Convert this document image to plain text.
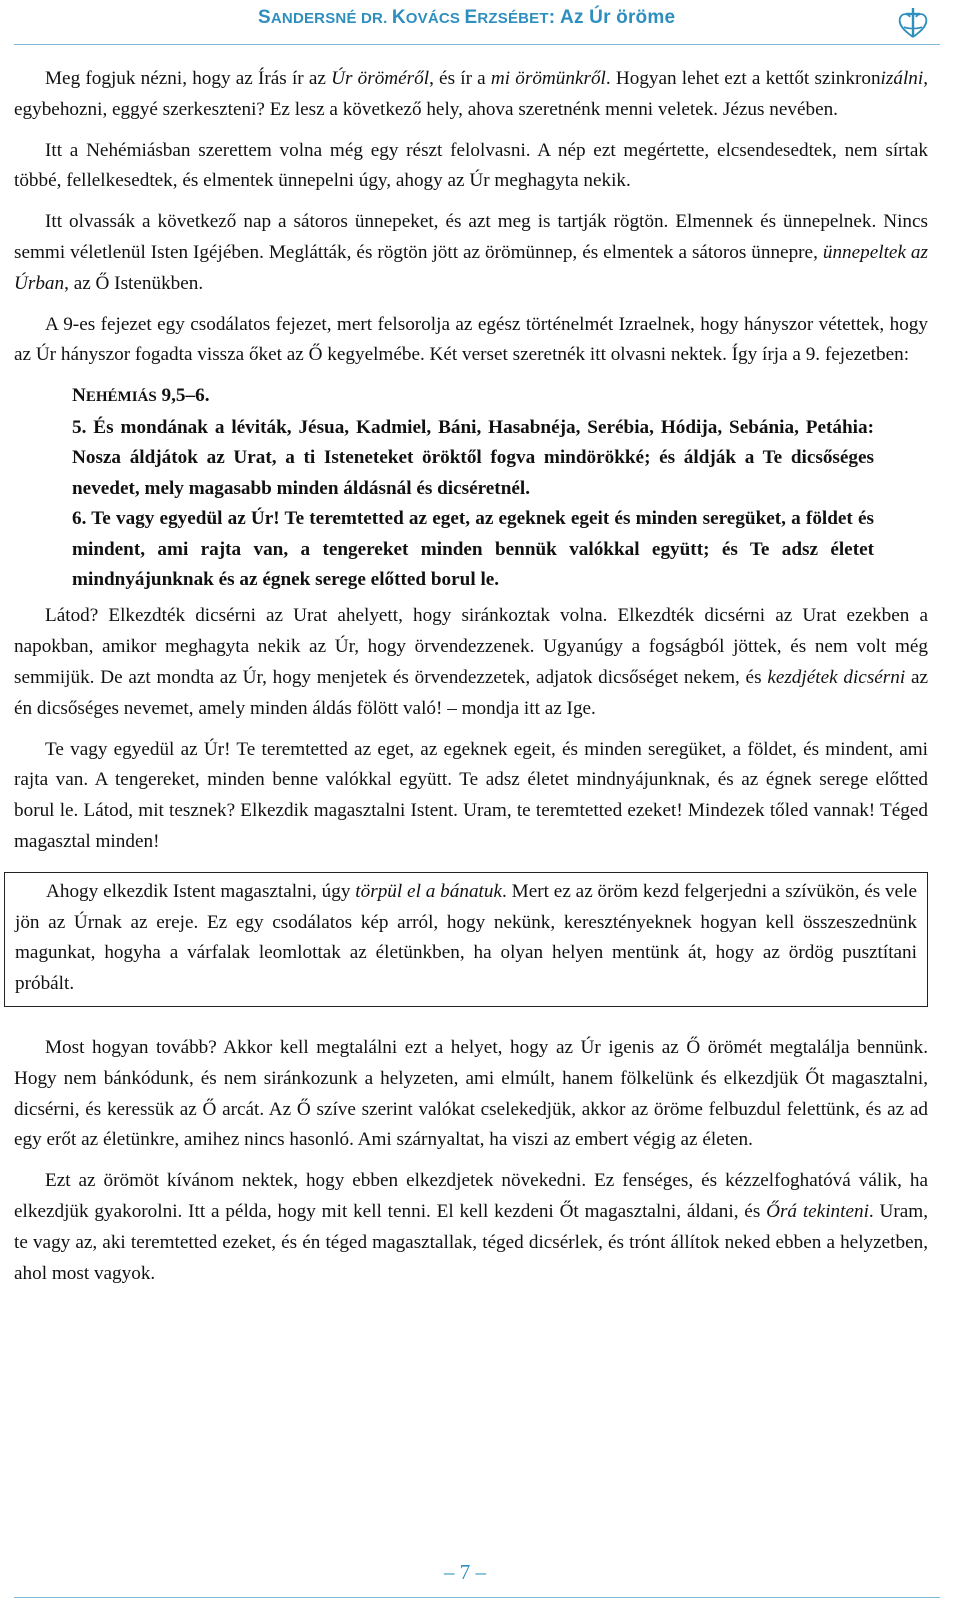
SANDERSNÉ DR. KOVÁCS ERZSÉBET: Az Úr öröme

Meg fogjuk nézni, hogy az Írás ír az Úr öröméről, és ír a mi örömünkről. Hogyan lehet ezt a kettőt szinkronizálni, egybehozni, eggyé szerkeszteni? Ez lesz a következő hely, ahova szeretnénk menni veletek. Jézus nevében.

Itt a Nehémiásban szerettem volna még egy részt felolvasni. A nép ezt megértette, elcsendesedtek, nem sírtak többé, fellelkesedtek, és elmentek ünnepelni úgy, ahogy az Úr meghagyta nekik.

Itt olvassák a következő nap a sátoros ünnepeket, és azt meg is tartják rögtön. Elmennek és ünnepelnek. Nincs semmi véletlenül Isten Igéjében. Meglátták, és rögtön jött az örömünnep, és elmentek a sátoros ünnepre, ünnepeltek az Úrban, az Ő Istenükben.

A 9-es fejezet egy csodálatos fejezet, mert felsorolja az egész történelmét Izraelnek, hogy hányszor vétettek, hogy az Úr hányszor fogadta vissza őket az Ő kegyelmébe. Két verset szeretnék itt olvasni nektek. Így írja a 9. fejezetben:

NEHÉMIÁS 9,5–6.

5. És mondának a léviták, Jésua, Kadmiel, Báni, Hasabnéja, Serébia, Hódija, Sebánia, Petáhia: Nosza áldjátok az Urat, a ti Isteneteket öröktől fogva mindörökké; és áldják a Te dicsőséges nevedet, mely magasabb minden áldásnál és dicséretnél.

6. Te vagy egyedül az Úr! Te teremtetted az eget, az egeknek egeit és minden seregüket, a földet és mindent, ami rajta van, a tengereket minden bennük valókkal együtt; és Te adsz életet mindnyájunknak és az égnek serege előtted borul le.

Látod? Elkezdték dicsérni az Urat ahelyett, hogy siránkoztak volna. Elkezdték dicsérni az Urat ezekben a napokban, amikor meghagyta nekik az Úr, hogy örvendezzenek. Ugyanúgy a fogságból jöttek, és nem volt még semmijük. De azt mondta az Úr, hogy menjetek és örvendezzetek, adjatok dicsőséget nekem, és kezdjétek dicsérni az én dicsőséges nevemet, amely minden áldás fölött való! – mondja itt az Ige.

Te vagy egyedül az Úr! Te teremtetted az eget, az egeknek egeit, és minden seregüket, a földet, és mindent, ami rajta van. A tengereket, minden benne valókkal együtt. Te adsz életet mindnyájunknak, és az égnek serege előtted borul le. Látod, mit tesznek? Elkezdik magasztalni Istent. Uram, te teremtetted ezeket! Mindezek tőled vannak! Téged magasztal minden!

Ahogy elkezdik Istent magasztalni, úgy törpül el a bánatuk. Mert ez az öröm kezd felgerjedni a szívükön, és vele jön az Úrnak az ereje. Ez egy csodálatos kép arról, hogy nekünk, keresztényeknek hogyan kell összeszednünk magunkat, hogyha a várfalak leomlottak az életünkben, ha olyan helyen mentünk át, hogy az ördög pusztítani próbált.

Most hogyan tovább? Akkor kell megtalálni ezt a helyet, hogy az Úr igenis az Ő örömét megtalálja bennünk. Hogy nem bánkódunk, és nem siránkozunk a helyzeten, ami elmúlt, hanem fölkelünk és elkezdjük Őt magasztalni, dicsérni, és keressük az Ő arcát. Az Ő szíve szerint valókat cselekedjük, akkor az öröme felbuzdul felettünk, és az ad egy erőt az életünkre, amihez nincs hasonló. Ami szárnyaltat, ha viszi az embert végig az életen.

Ezt az örömöt kívánom nektek, hogy ebben elkezdjetek növekedni. Ez fenséges, és kézzelfoghatóvá válik, ha elkezdjük gyakorolni. Itt a példa, hogy mit kell tenni. El kell kezdeni Őt magasztalni, áldani, és Őrá tekinteni. Uram, te vagy az, aki teremtetted ezeket, és én téged magasztallak, téged dicsérlek, és trónt állítok neked ebben a helyzetben, ahol most vagyok.

– 7 –
